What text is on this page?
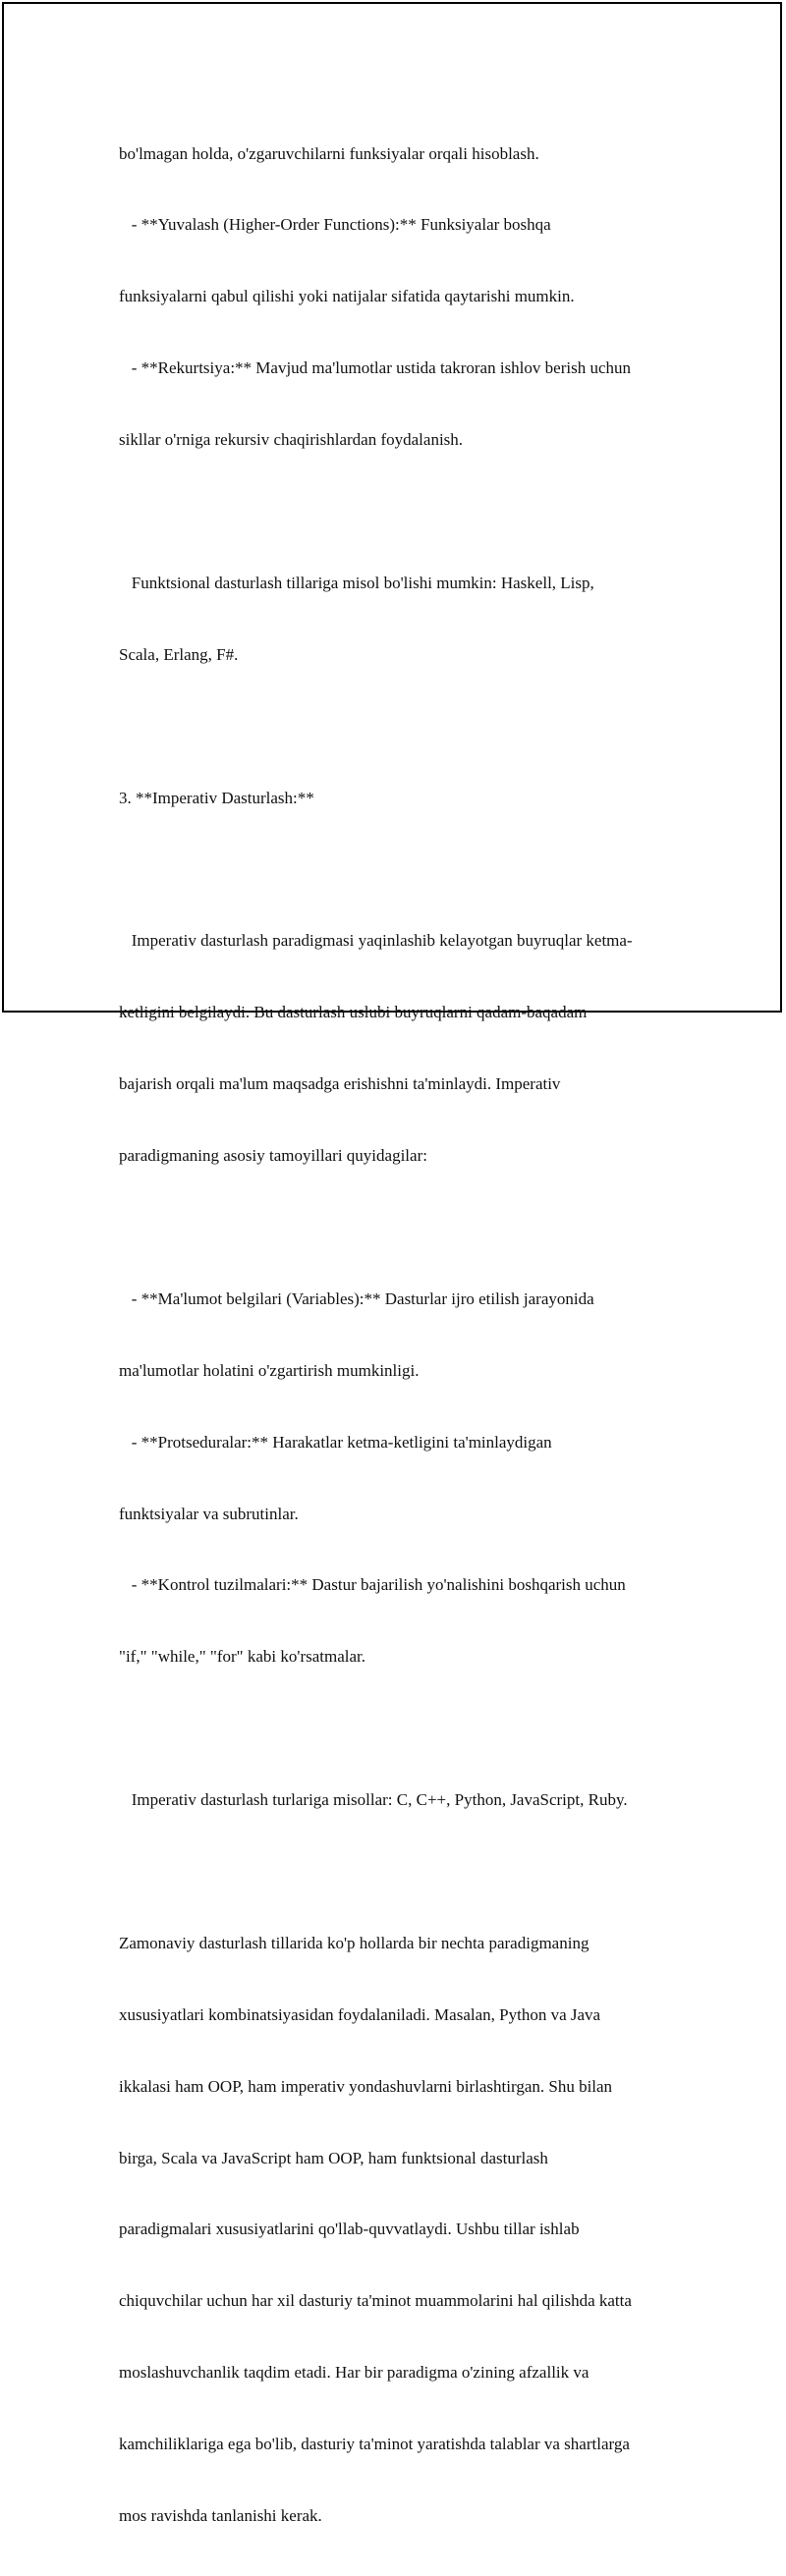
bo'lmagan holda, o'zgaruvchilarni funksiyalar orqali hisoblash.

- **Yuvalash (Higher-Order Functions):** Funksiyalar boshqa

funksiyalarni qabul qilishi yoki natijalar sifatida qaytarishi mumkin.

- **Rekurtsiya:** Mavjud ma'lumotlar ustida takroran ishlov berish uchun

sikllar o'rniga rekursiv chaqirishlardan foydalanish.

Funktsional dasturlash tillariga misol bo'lishi mumkin: Haskell, Lisp,

Scala, Erlang, F#.

3. **Imperativ Dasturlash:**

Imperativ dasturlash paradigmasi yaqinlashib kelayotgan buyruqlar ketma-

ketligini belgilaydi. Bu dasturlash uslubi buyruqlarni qadam-baqadam

bajarish orqali ma'lum maqsadga erishishni ta'minlaydi. Imperativ

paradigmaning asosiy tamoyillari quyidagilar:

- **Ma'lumot belgilari (Variables):** Dasturlar ijro etilish jarayonida

ma'lumotlar holatini o'zgartirish mumkinligi.

- **Protseduralar:** Harakatlar ketma-ketligini ta'minlaydigan

funktsiyalar va subrutinlar.

- **Kontrol tuzilmalari:** Dastur bajarilish yo'nalishini boshqarish uchun

"if," "while," "for" kabi ko'rsatmalar.

Imperativ dasturlash turlariga misollar: C, C++, Python, JavaScript, Ruby.

Zamonaviy dasturlash tillarida ko'p hollarda bir nechta paradigmaning

xususiyatlari kombinatsiyasidan foydalaniladi. Masalan, Python va Java

ikkalasi ham OOP, ham imperativ yondashuvlarni birlashtirgan. Shu bilan

birga, Scala va JavaScript ham OOP, ham funktsional dasturlash

paradigmalari xususiyatlarini qo'llab-quvvatlaydi. Ushbu tillar ishlab

chiquvchilar uchun har xil dasturiy ta'minot muammolarini hal qilishda katta

moslashuvchanlik taqdim etadi. Har bir paradigma o'zining afzallik va

kamchiliklariga ega bo'lib, dasturiy ta'minot yaratishda talablar va shartlarga

mos ravishda tanlanishi kerak.
